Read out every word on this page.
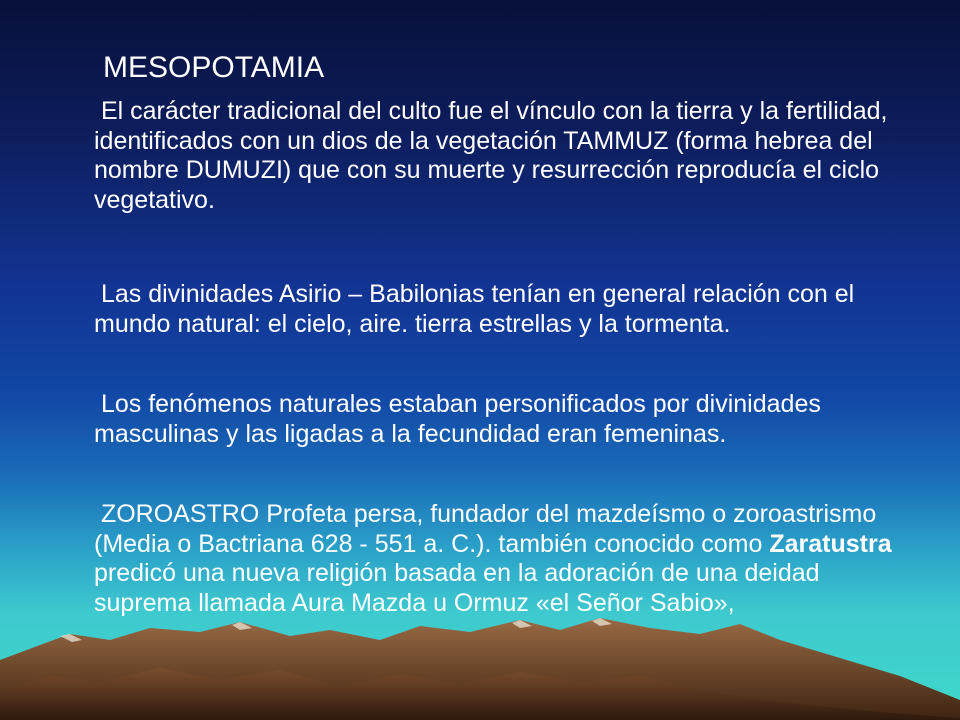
MESOPOTAMIA

El carácter tradicional del culto fue el vínculo con la tierra y la fertilidad, identificados con un dios de la vegetación TAMMUZ (forma hebrea del nombre DUMUZI) que con su muerte y resurrección reproducía el ciclo vegetativo.

Las divinidades Asirio – Babilonias tenían en general relación con el mundo natural: el cielo, aire. tierra estrellas y la tormenta.

Los fenómenos naturales estaban personificados por divinidades masculinas y las ligadas a la fecundidad eran femeninas.

ZOROASTRO Profeta persa, fundador del mazdeísmo o zoroastrismo (Media o Bactriana 628 - 551 a. C.). también conocido como Zaratustra predicó una nueva religión basada en la adoración de una deidad suprema llamada Aura Mazda u Ormuz «el Señor Sabio»,
